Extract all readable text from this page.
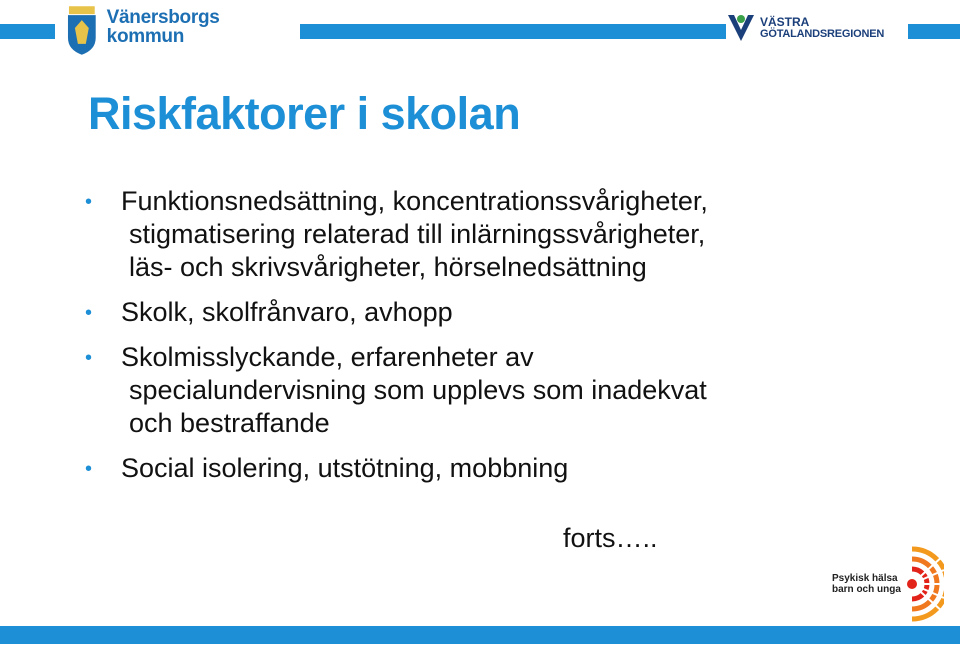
Vänersborgs kommun
VÄSTRA
GÖTALANDSREGIONEN
Riskfaktorer i skolan
• Funktionsnedsättning, koncentrationssvårigheter,
stigmatisering relaterad till inlärningssvårigheter,
läs- och skrivsvårigheter, hörselnedsättning
• Skolk, skolfrånvaro, avhopp
• Skolmisslyckande, erfarenheter av
specialundervisning som upplevs som inadekvat
och bestraffande
• Social isolering, utstötning, mobbning
forts…..
Psykisk hälsa
barn och unga
